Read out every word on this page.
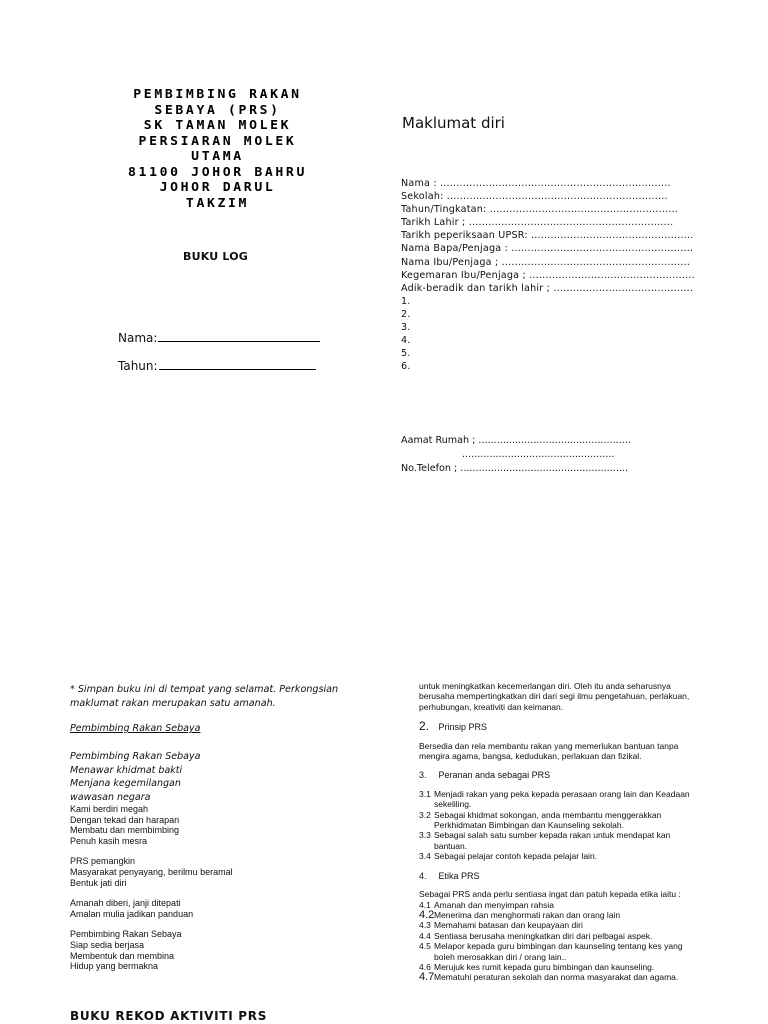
PEMBIMBING RAKAN
SEBAYA (PRS)
SK TAMAN MOLEK
PERSIARAN MOLEK
UTAMA
81100 JOHOR BAHRU
JOHOR DARUL
TAKZIM
BUKU LOG
Nama:
Tahun:
Maklumat diri
Nama : .......................................................................
Sekolah: ....................................................................
Tahun/Tingkatan: ..........................................................
Tarikh Lahir ; ...............................................................
Tarikh peperiksaan UPSR: ..................................................
Nama Bapa/Penjaga : ........................................................
Nama Ibu/Penjaga ; ..........................................................
Kegemaran Ibu/Penjaga ; ...................................................
Adik-beradik dan tarikh lahir ; ...........................................
1.
2.
3.
4.
5.
6.
Aamat Rumah ; ..................................................
..................................................
No.Telefon ; .......................................................
* Simpan buku ini di tempat yang selamat. Perkongsian maklumat rakan merupakan satu amanah.
Pembimbing Rakan Sebaya
Pembimbing Rakan Sebaya
Menawar khidmat bakti
Menjana kegemilangan
wawasan negara
Kami berdiri megah
Dengan tekad dan harapan
Membatu dan membimbing
Penuh kasih mesra
PRS pemangkin
Masyarakat penyayang, berilmu beramal
Bentuk jati diri
Amanah diberi, janji ditepati
Amalan mulia jadikan panduan
Pembimbing Rakan Sebaya
Siap sedia berjasa
Membentuk dan membina
Hidup yang bermakna
untuk meningkatkan kecemerlangan diri. Oleh itu anda seharusnya berusaha mempertingkatkan diri dari segi ilmu pengetahuan, perlakuan, perhubungan, kreativiti dan keimanan.
2. Prinsip PRS
Bersedia dan rela membantu rakan yang memerlukan bantuan tanpa mengira agama, bangsa, kedudukan, perlakuan dan fizikal.
3. Peranan anda sebagai PRS
3.1 Menjadi rakan yang peka kepada perasaan orang lain dan Keadaan sekeliling.
3.2 Sebagai khidmat sokongan, anda membantu menggerakkan Perkhidmatan Bimbingan dan Kaunseling sekolah.
3.3 Sebagai salah satu sumber kepada rakan untuk mendapat kan bantuan.
3.4 Sebagai pelajar contoh kepada pelajar lain.
4. Etika PRS
Sebagai PRS anda perlu sentiasa ingat dan patuh kepada etika iaitu :
4.1 Amanah dan menyimpan rahsia
4.2 Menerima dan menghormati rakan dan orang lain
4.3 Memahami batasan dan keupayaan diri
4.4 Sentiasa berusaha meningkatkan diri dari pelbagai aspek.
4.5 Melapor kepada guru bimbingan dan kaunseling tentang kes yang boleh merosakkan diri / orang lain..
4.6 Merujuk kes rumit kepada guru bimbingan dan kaunseling.
4.7 Mematuhi peraturan sekolah dan norma masyarakat dan agama.
BUKU REKOD AKTIVITI PRS
